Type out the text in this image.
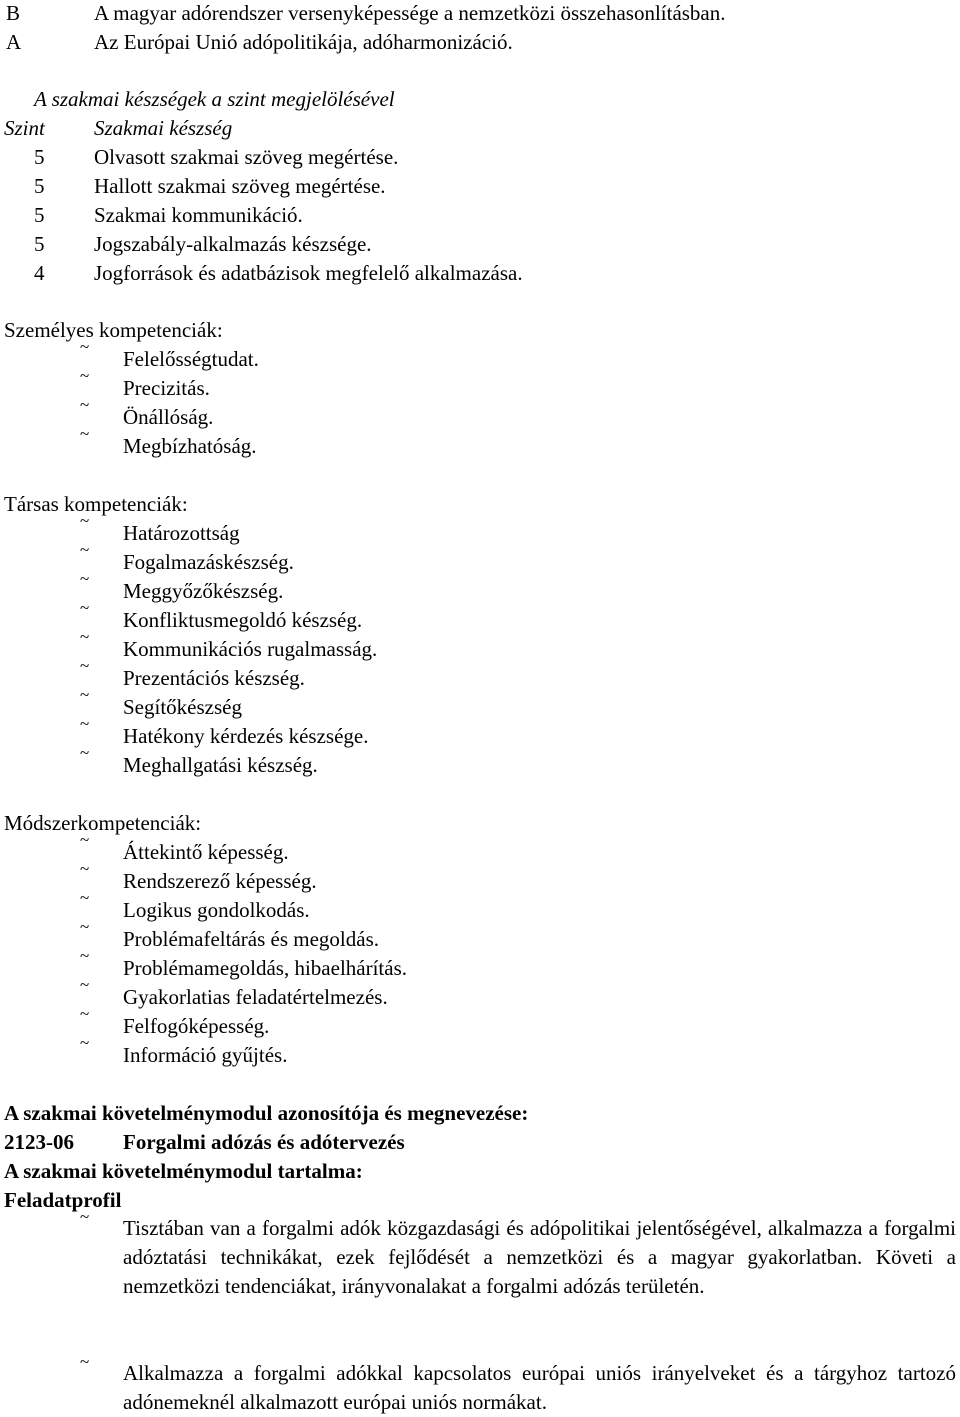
B	A magyar adórendszer versenyképessége a nemzetközi összehasonlításban.
A	Az Európai Unió adópolitikája, adóharmonizáció.
A szakmai készségek a szint megjelölésével
Szint Szakmai készség
5 Olvasott szakmai szöveg megértése.
5 Hallott szakmai szöveg megértése.
5 Szakmai kommunikáció.
5 Jogszabály-alkalmazás készsége.
4 Jogforrások és adatbázisok megfelelő alkalmazása.
Személyes kompetenciák:
~
Felelősségtudat.
~
Precizitás.
~
Önállóság.
~
Megbízhatóság.
Társas kompetenciák:
~
Határozottság
~
Fogalmazáskészség.
~
Meggyőzőkészség.
~
Konfliktusmegoldó készség.
~
Kommunikációs rugalmasság.
~
Prezentációs készség.
~
Segítőkészség
~
Hatékony kérdezés készsége.
~
Meghallgatási készség.
Módszerkompetenciák:
~
Áttekintő képesség.
~
Rendszerező képesség.
~
Logikus gondolkodás.
~
Problémafeltárás és megoldás.
~
Problémamegoldás, hibaelhárítás.
~
Gyakorlatias feladatértelmezés.
~
Felfogóképesség.
~
Információ gyűjtés.
A szakmai követelménymodul azonosítója és megnevezése:
2123-06 Forgalmi adózás és adótervezés
A szakmai követelménymodul tartalma:
Feladatprofil
~ Tisztában van a forgalmi adók közgazdasági és adópolitikai jelentőségével, alkalmazza a forgalmi adóztatási technikákat, ezek fejlődését a nemzetközi és a magyar gyakorlatban. Követi a nemzetközi tendenciákat, irányvonalakat a forgalmi adózás területén.
~ Alkalmazza a forgalmi adókkal kapcsolatos európai uniós irányelveket és a tárgyhoz tartozó adónemeknél alkalmazott európai uniós normákat.
